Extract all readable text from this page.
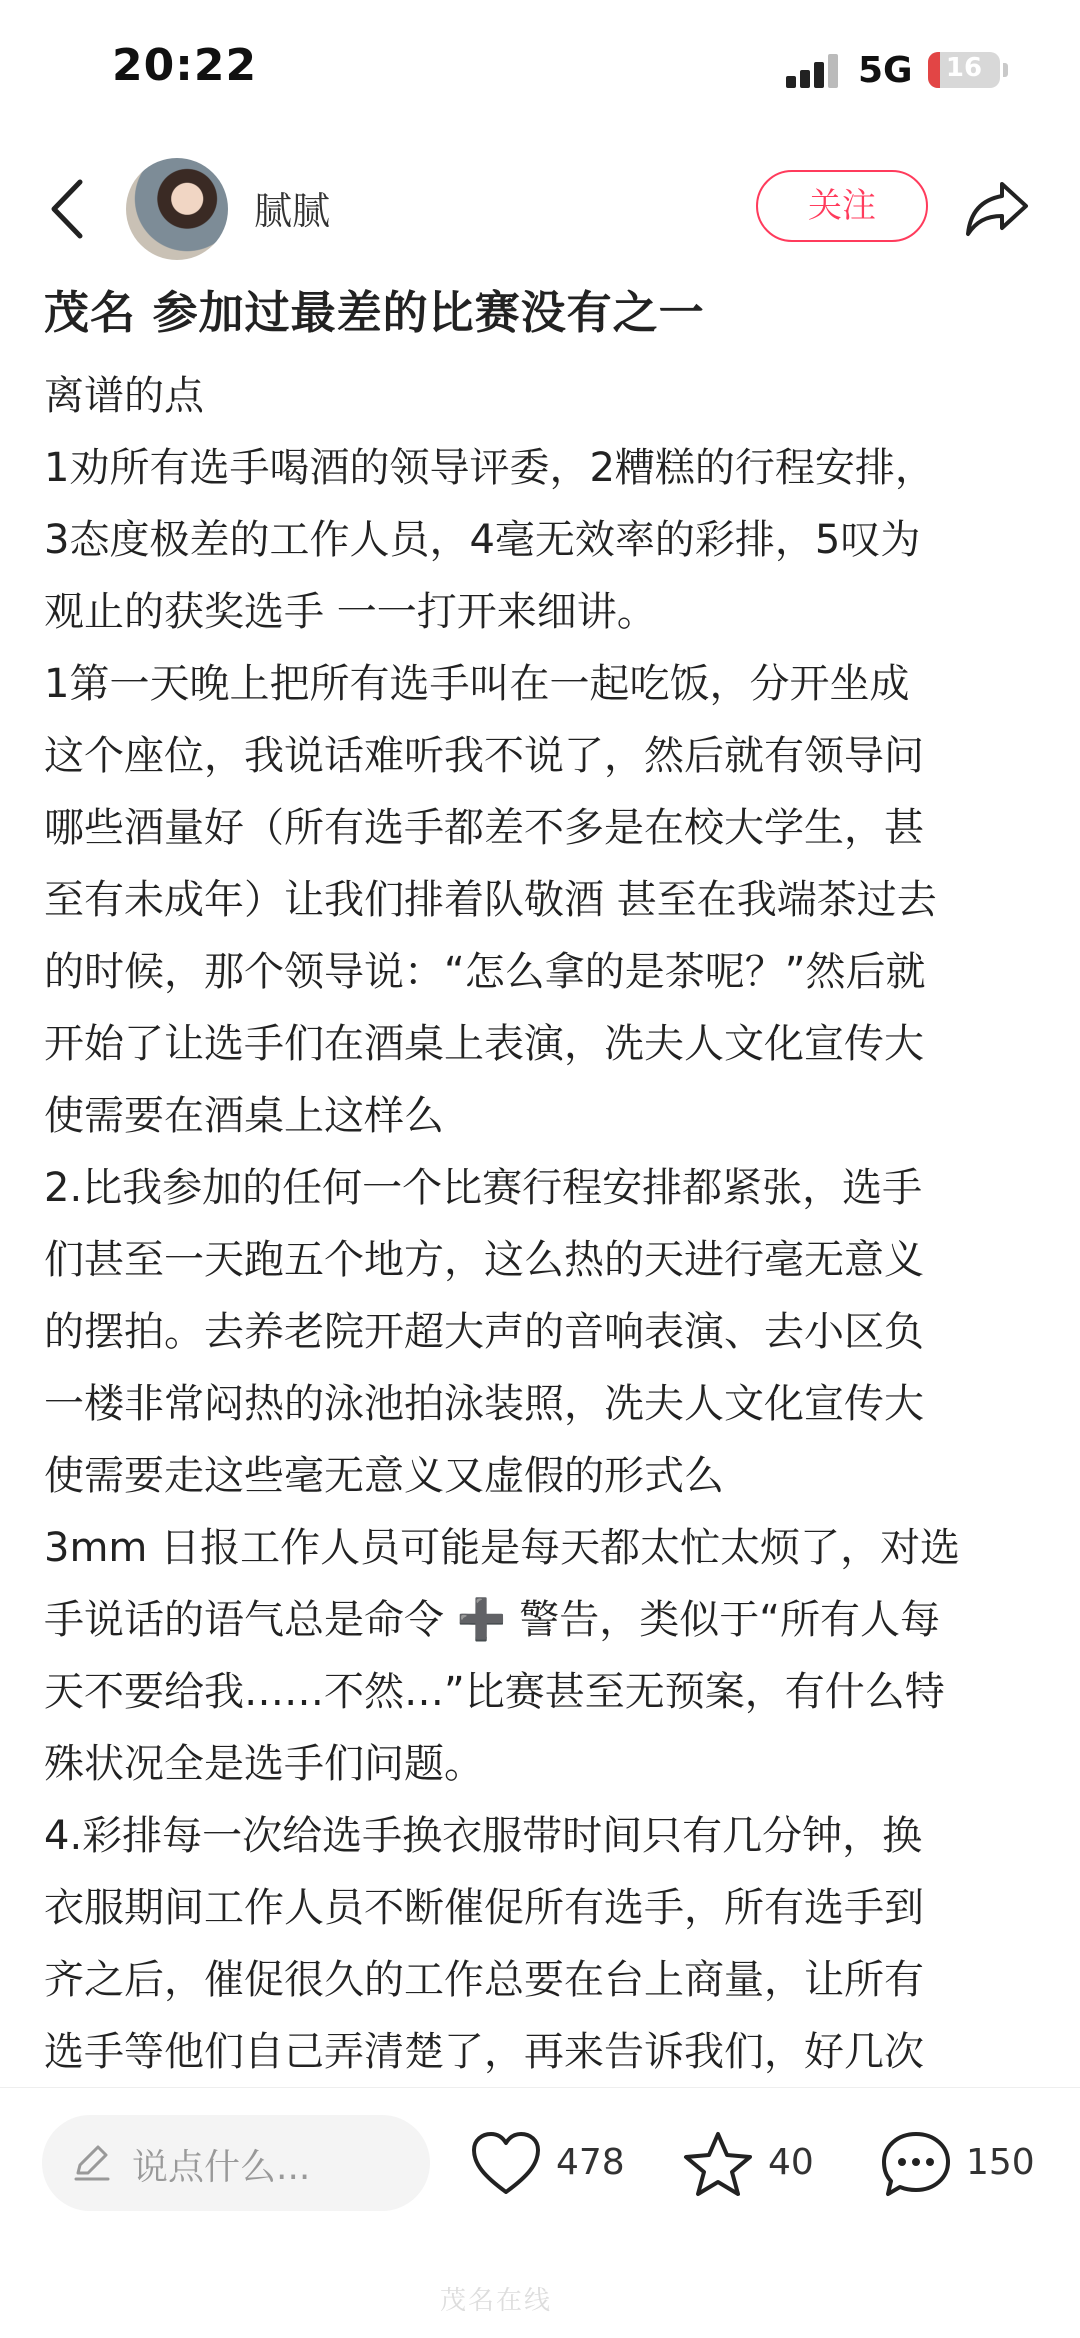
20:22	5G	16
腻腻	关注
茂名 参加过最差的比赛没有之一
离谱的点
1劝所有选手喝酒的领导评委，2糟糕的行程安排，
3态度极差的工作人员，4毫无效率的彩排，5叹为
观止的获奖选手 一一打开来细讲。
1第一天晚上把所有选手叫在一起吃饭，分开坐成
这个座位，我说话难听我不说了，然后就有领导问
哪些酒量好（所有选手都差不多是在校大学生，甚
至有未成年）让我们排着队敬酒 甚至在我端茶过去
的时候，那个领导说：“怎么拿的是茶呢？”然后就
开始了让选手们在酒桌上表演，冼夫人文化宣传大
使需要在酒桌上这样么
2.比我参加的任何一个比赛行程安排都紧张，选手
们甚至一天跑五个地方，这么热的天进行毫无意义
的摆拍。去养老院开超大声的音响表演、去小区负
一楼非常闷热的泳池拍泳装照，冼夫人文化宣传大
使需要走这些毫无意义又虚假的形式么
3mm 日报工作人员可能是每天都太忙太烦了，对选
手说话的语气总是命令 ➕ 警告，类似于“所有人每
天不要给我……不然…”比赛甚至无预案，有什么特
殊状况全是选手们问题。
4.彩排每一次给选手换衣服带时间只有几分钟，换
衣服期间工作人员不断催促所有选手，所有选手到
齐之后，催促很久的工作总要在台上商量，让所有
选手等他们自己弄清楚了，再来告诉我们，好几次
说点什么...	478	40	150
茂名在线
